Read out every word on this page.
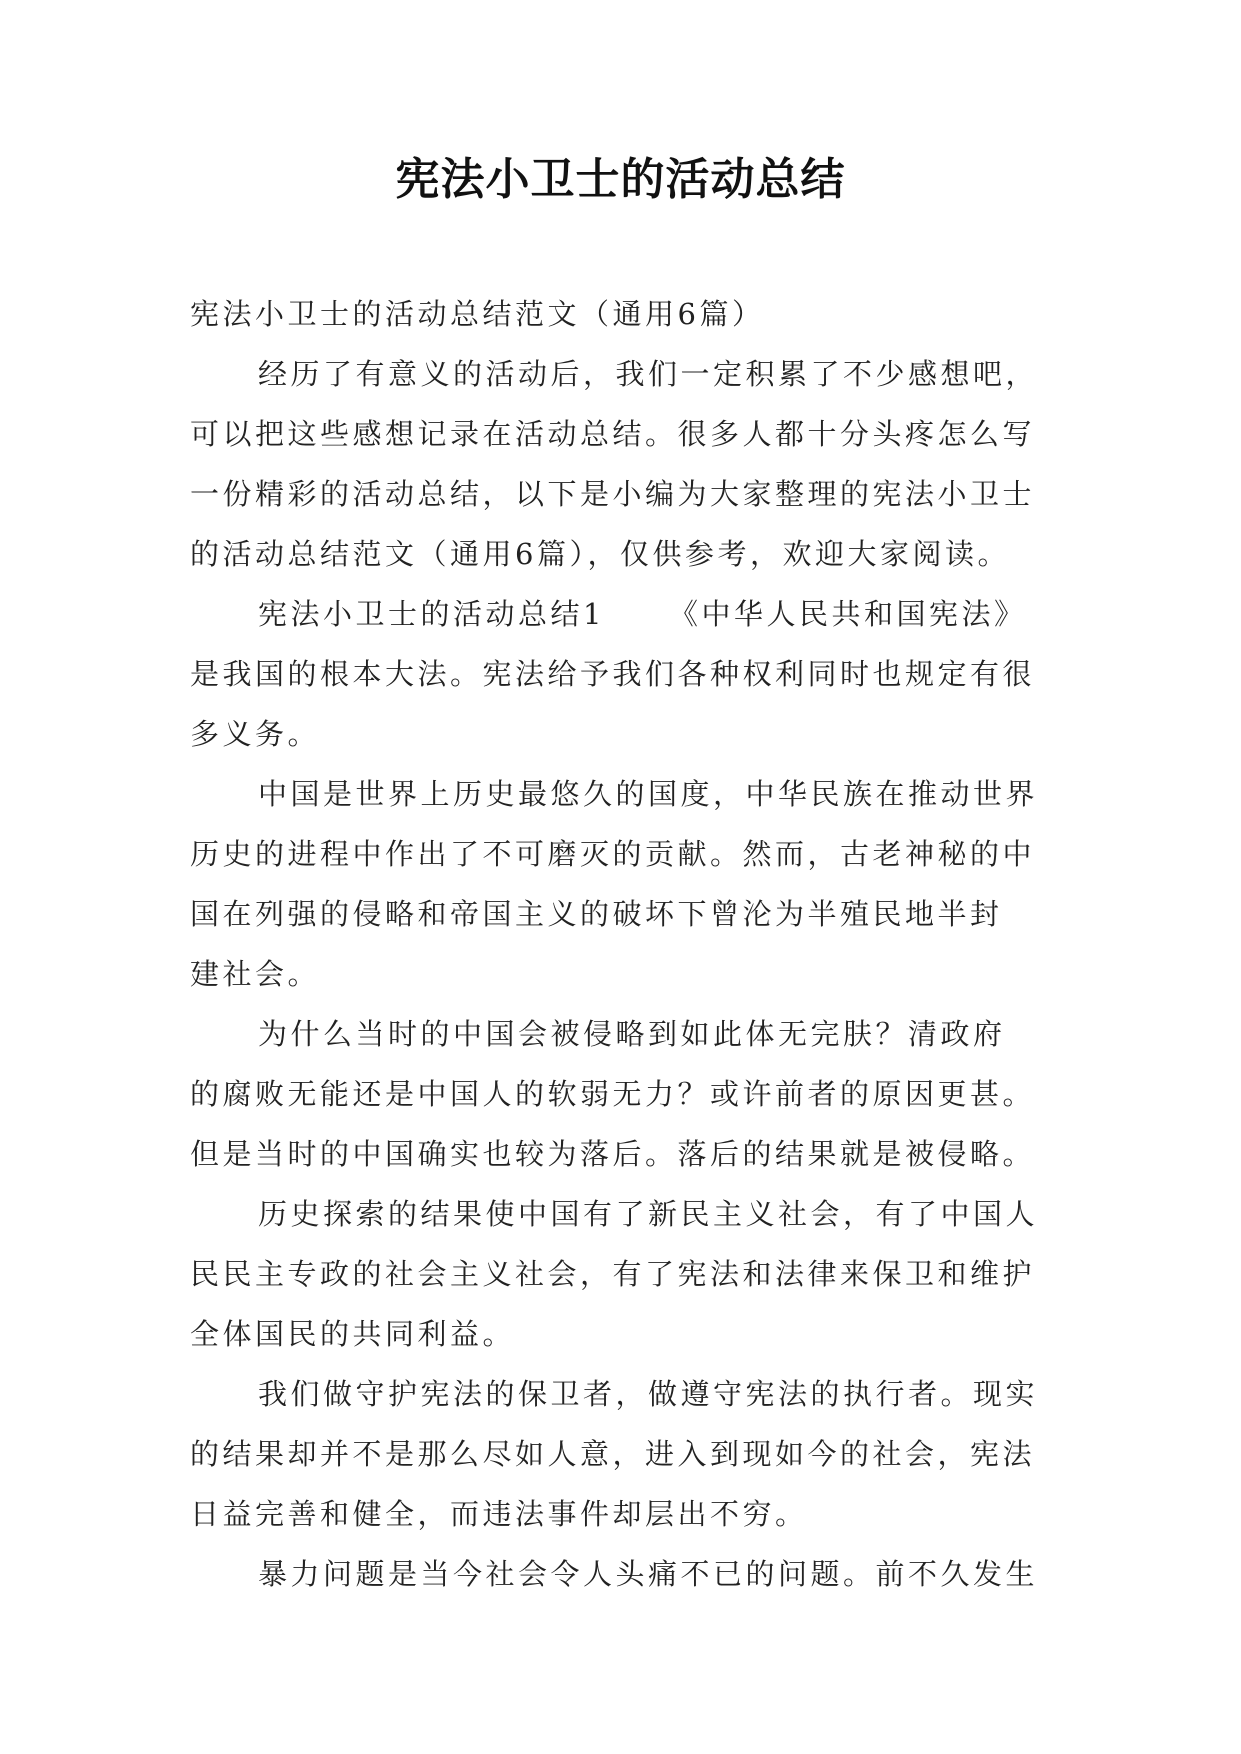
宪法小卫士的活动总结
宪法小卫士的活动总结范文（通用6篇）
经历了有意义的活动后，我们一定积累了不少感想吧，
可以把这些感想记录在活动总结。很多人都十分头疼怎么写
一份精彩的活动总结，以下是小编为大家整理的宪法小卫士
的活动总结范文（通用6篇），仅供参考，欢迎大家阅读。
宪法小卫士的活动总结1 《中华人民共和国宪法》
是我国的根本大法。宪法给予我们各种权利同时也规定有很
多义务。
中国是世界上历史最悠久的国度，中华民族在推动世界
历史的进程中作出了不可磨灭的贡献。然而，古老神秘的中
国在列强的侵略和帝国主义的破坏下曾沦为半殖民地半封
建社会。
为什么当时的中国会被侵略到如此体无完肤？清政府
的腐败无能还是中国人的软弱无力？或许前者的原因更甚。
但是当时的中国确实也较为落后。落后的结果就是被侵略。
历史探索的结果使中国有了新民主义社会，有了中国人
民民主专政的社会主义社会，有了宪法和法律来保卫和维护
全体国民的共同利益。
我们做守护宪法的保卫者，做遵守宪法的执行者。现实
的结果却并不是那么尽如人意，进入到现如今的社会，宪法
日益完善和健全，而违法事件却层出不穷。
暴力问题是当今社会令人头痛不已的问题。前不久发生
